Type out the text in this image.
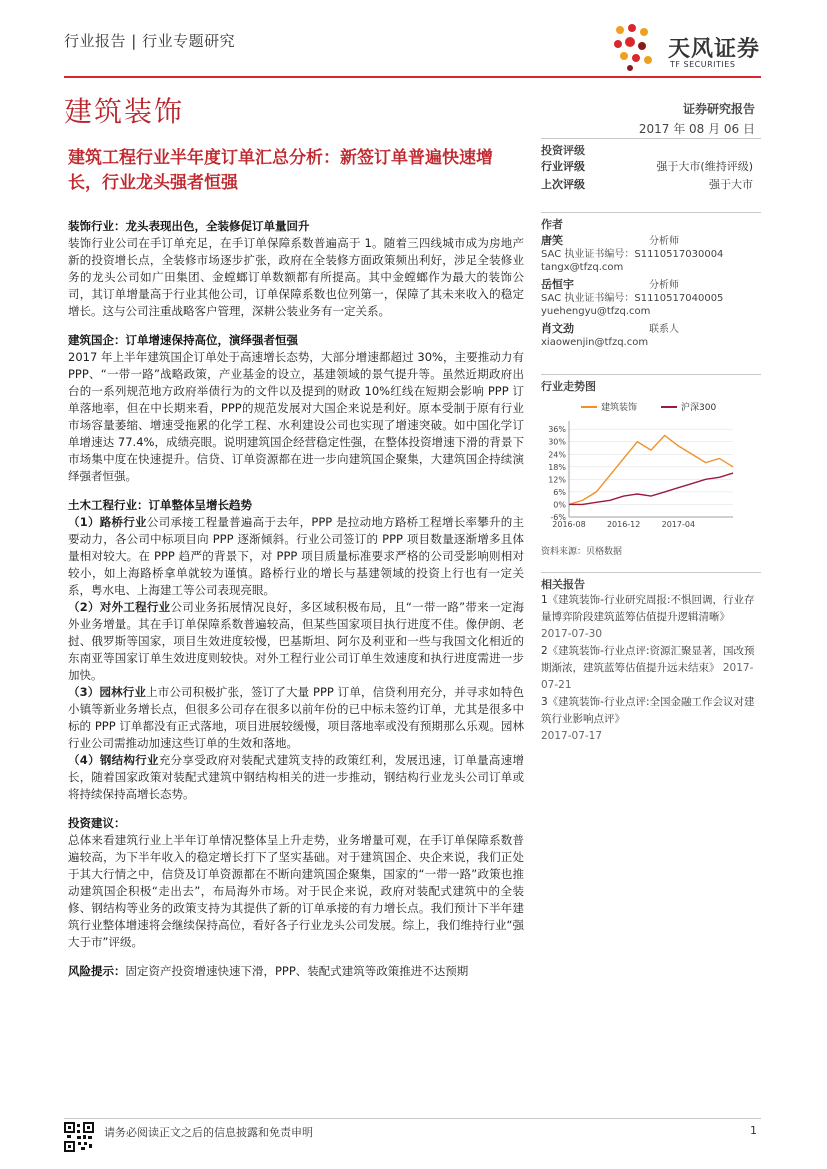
行业报告 | 行业专题研究	天风证券
TF SECURITIES
建筑装饰	证券研究报告
2017 年 08 月 06 日
建筑工程行业半年度订单汇总分析：新签订单普遍快速增长，行业龙头强者恒强

装饰行业：龙头表现出色，全装修促订单量回升

装饰行业公司在手订单充足，在手订单保障系数普遍高于 1。随着三四线城市成为房地产新的投资增长点，全装修市场逐步扩张，政府在全装修方面政策频出利好，涉足全装修业务的龙头公司如广田集团、金螳螂订单数额都有所提高。其中金螳螂作为最大的装饰公司，其订单增量高于行业其他公司，订单保障系数也位列第一，保障了其未来收入的稳定增长。这与公司注重战略客户管理，深耕公装业务有一定关系。

建筑国企：订单增速保持高位，演绎强者恒强

2017 年上半年建筑国企订单处于高速增长态势，大部分增速都超过 30%，主要推动力有 PPP、“一带一路”战略政策，产业基金的设立，基建领域的景气提升等。虽然近期政府出台的一系列规范地方政府举债行为的文件以及提到的财政 10%红线在短期会影响 PPP 订单落地率，但在中长期来看，PPP的规范发展对大国企来说是利好。原本受制于原有行业市场容量萎缩、增速受拖累的化学工程、水利建设公司也实现了增速突破。如中国化学订单增速达 77.4%，成绩亮眼。说明建筑国企经营稳定性强，在整体投资增速下滑的背景下市场集中度在快速提升。信贷、订单资源都在进一步向建筑国企聚集，大建筑国企持续演绎强者恒强。

土木工程行业：订单整体呈增长趋势

（1）路桥行业公司承接工程量普遍高于去年，PPP 是拉动地方路桥工程增长率攀升的主要动力，各公司中标项目向 PPP 逐渐倾斜。行业公司签订的 PPP 项目数量逐渐增多且体量相对较大。在 PPP 趋严的背景下，对 PPP 项目质量标准要求严格的公司受影响则相对较小，如上海路桥拿单就较为谨慎。路桥行业的增长与基建领域的投资上行也有一定关系，粤水电、上海建工等公司表现亮眼。

（2）对外工程行业公司业务拓展情况良好，多区域积极布局，且“一带一路”带来一定海外业务增量。其在手订单保障系数普遍较高，但某些国家项目执行进度不佳。像伊朗、老挝、俄罗斯等国家，项目生效进度较慢，巴基斯坦、阿尔及利亚和一些与我国文化相近的东南亚等国家订单生效进度则较快。对外工程行业公司订单生效速度和执行进度需进一步加快。

（3）园林行业上市公司积极扩张，签订了大量 PPP 订单，信贷利用充分，并寻求如特色小镇等新业务增长点，但很多公司存在很多以前年份的已中标未签约订单，尤其是很多中标的 PPP 订单都没有正式落地，项目进展较缓慢，项目落地率或没有预期那么乐观。园林行业公司需推动加速这些订单的生效和落地。

（4）钢结构行业充分享受政府对装配式建筑支持的政策红利，发展迅速，订单量高速增长，随着国家政策对装配式建筑中钢结构相关的进一步推动，钢结构行业龙头公司订单或将持续保持高增长态势。

投资建议：

总体来看建筑行业上半年订单情况整体呈上升走势，业务增量可观，在手订单保障系数普遍较高，为下半年收入的稳定增长打下了坚实基础。对于建筑国企、央企来说，我们正处于其大行情之中，信贷及订单资源都在不断向建筑国企聚集，国家的“一带一路”政策也推动建筑国企积极“走出去”，布局海外市场。对于民企来说，政府对装配式建筑中的全装修、钢结构等业务的政策支持为其提供了新的订单承接的有力增长点。我们预计下半年建筑行业整体增速将会继续保持高位，看好各子行业龙头公司发展。综上，我们维持行业“强大于市”评级。

风险提示：固定资产投资增速快速下滑，PPP、装配式建筑等政策推进不达预期

投资评级
行业评级	强于大市(维持评级)
上次评级	强于大市
作者
唐笑	分析师
SAC 执业证书编号：S1110517030004
tangx@tfzq.com
岳恒宇	分析师
SAC 执业证书编号：S1110517040005
yuehengyu@tfzq.com
肖文劲	联系人
xiaowenjin@tfzq.com
行业走势图
建筑装饰	沪深300
36%
30%
24%
18%
12%
6%
0%
-6%
2016-08	2016-12	2017-04
资料来源：贝格数据
相关报告
1《建筑装饰-行业研究周报:不惧回调，行业存量博弈阶段建筑蓝筹估值提升逻辑清晰》 2017-07-30
2《建筑装饰-行业点评:资源汇聚显著，国改预期渐浓，建筑蓝筹估值提升远未结束》 2017-07-21
3《建筑装饰-行业点评:全国金融工作会议对建筑行业影响点评》
2017-07-17
请务必阅读正文之后的信息披露和免责申明	1
